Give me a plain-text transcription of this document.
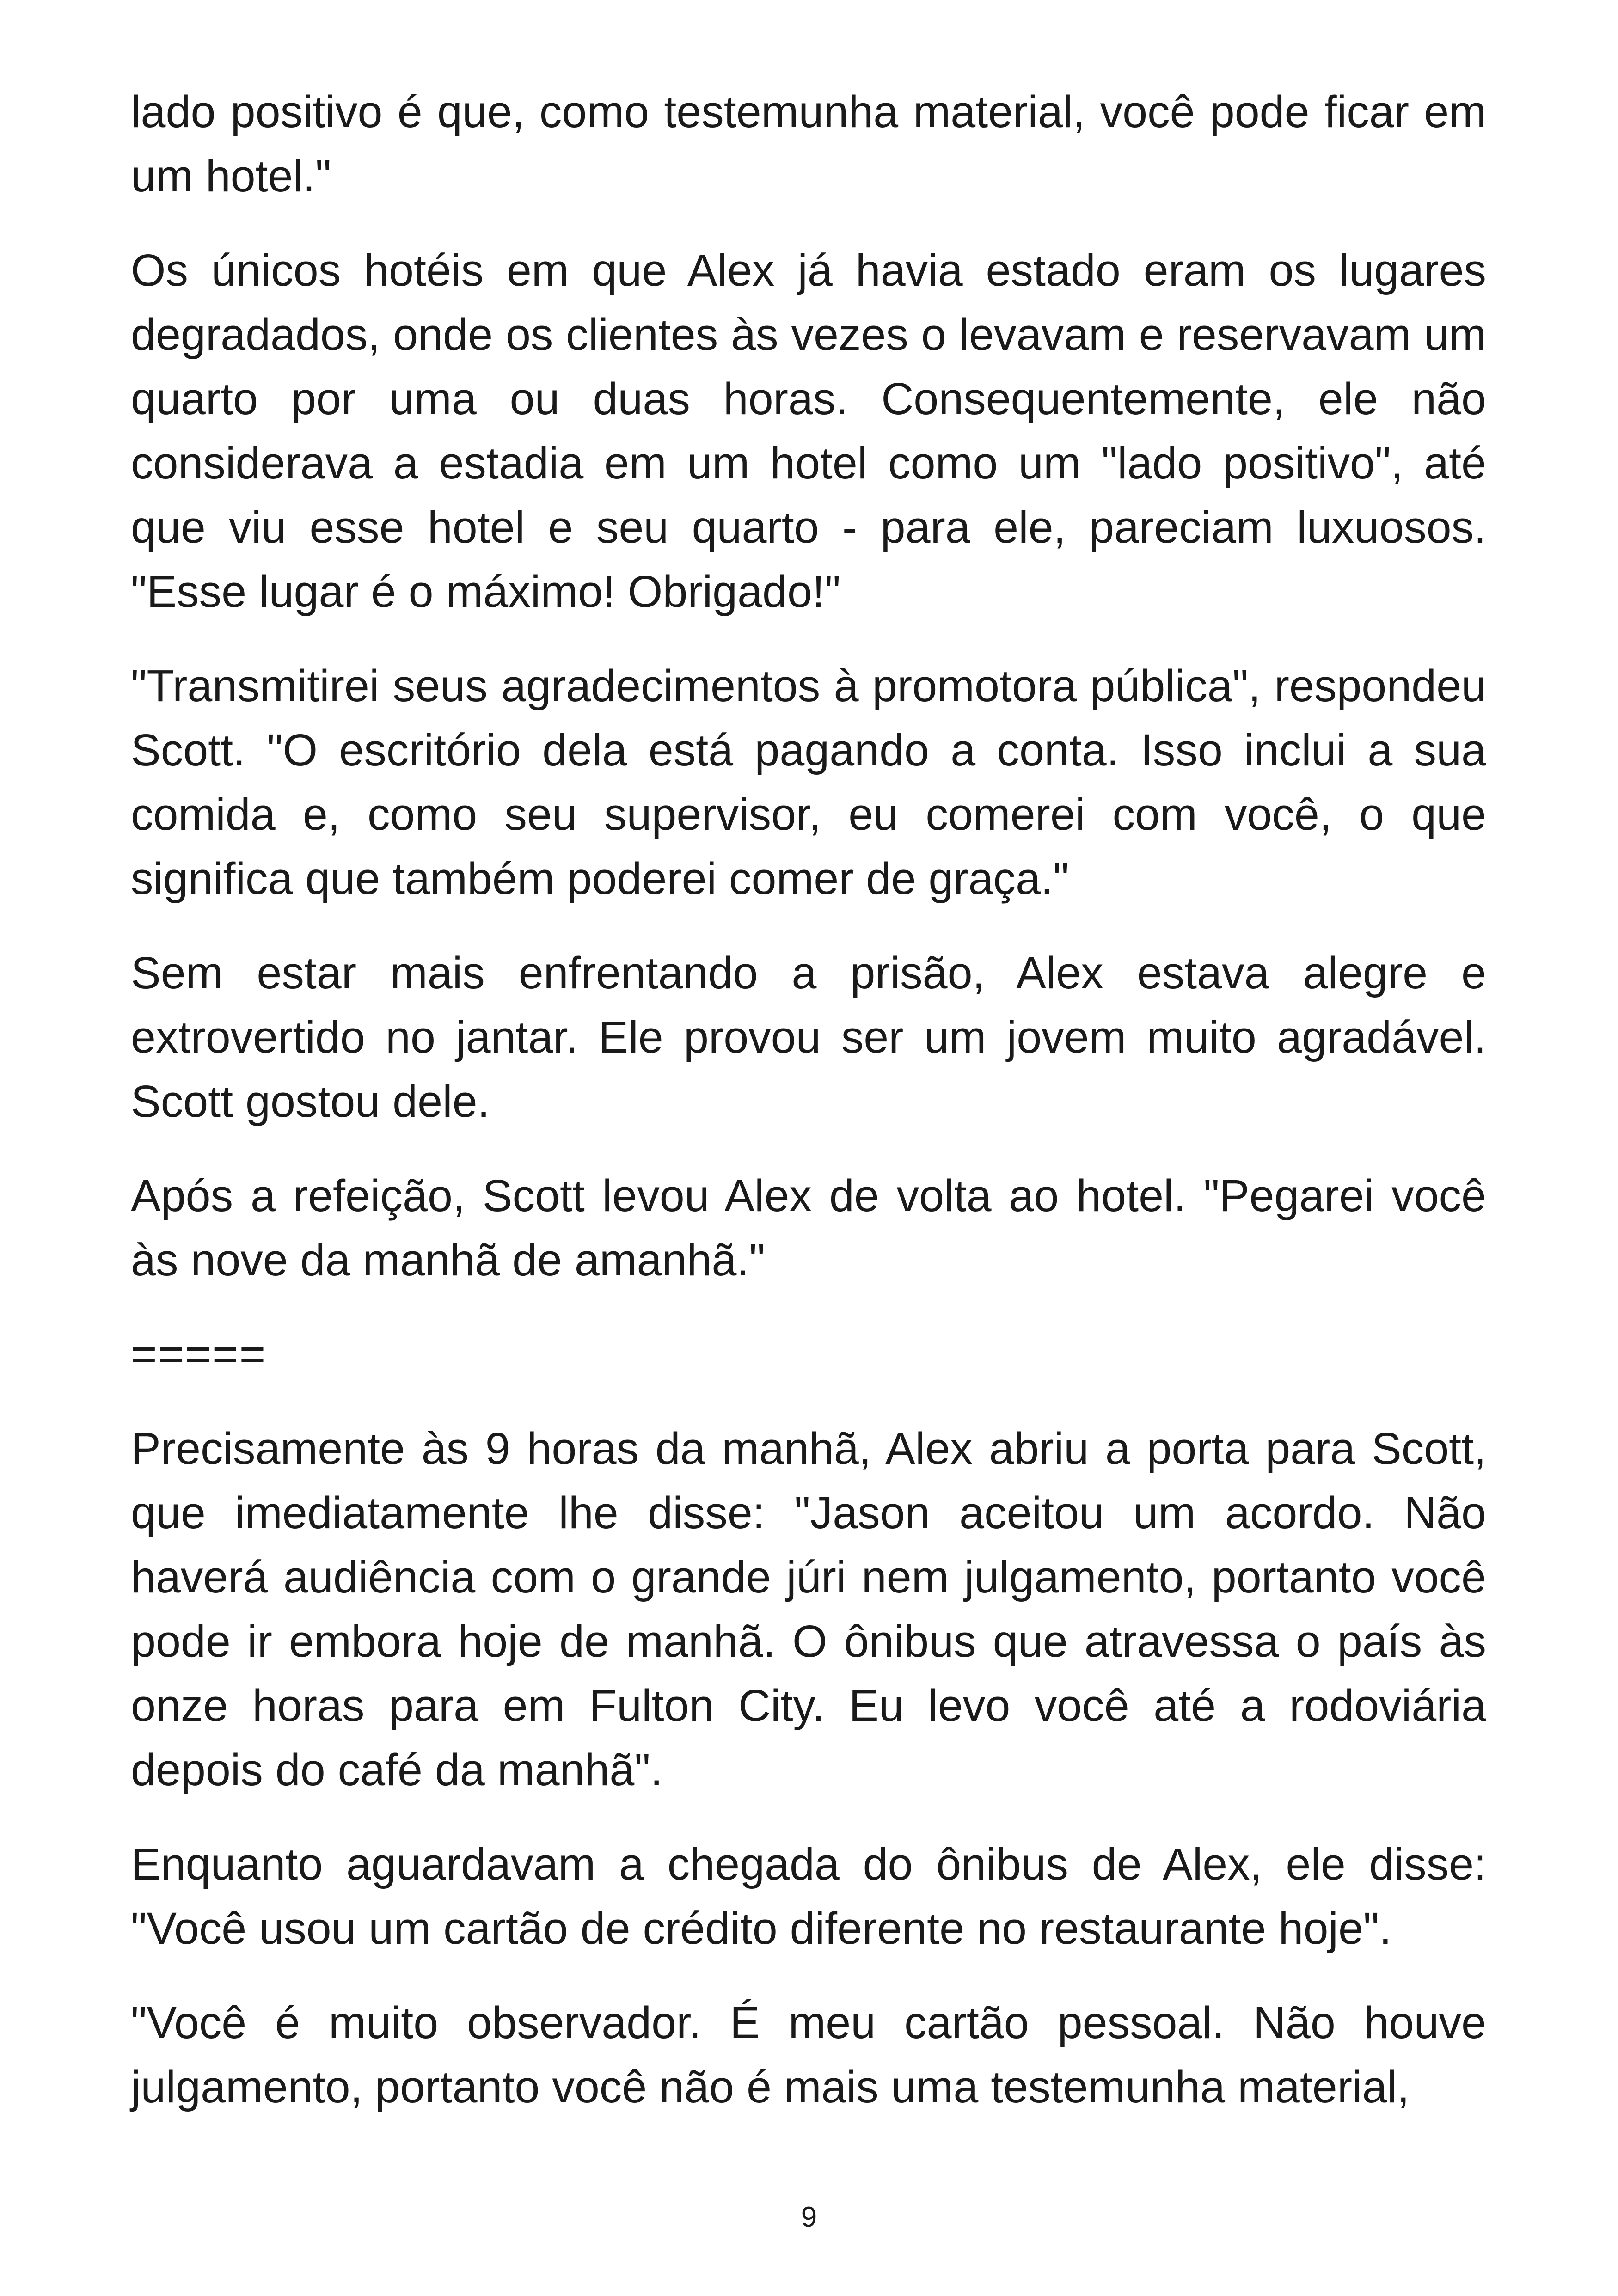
lado positivo é que, como testemunha material, você pode ficar em um hotel."

Os únicos hotéis em que Alex já havia estado eram os lugares degradados, onde os clientes às vezes o levavam e reservavam um quarto por uma ou duas horas. Consequentemente, ele não considerava a estadia em um hotel como um "lado positivo", até que viu esse hotel e seu quarto - para ele, pareciam luxuosos. "Esse lugar é o máximo! Obrigado!"

"Transmitirei seus agradecimentos à promotora pública", respondeu Scott. "O escritório dela está pagando a conta. Isso inclui a sua comida e, como seu supervisor, eu comerei com você, o que significa que também poderei comer de graça."

Sem estar mais enfrentando a prisão, Alex estava alegre e extrovertido no jantar. Ele provou ser um jovem muito agradável. Scott gostou dele.

Após a refeição, Scott levou Alex de volta ao hotel. "Pegarei você às nove da manhã de amanhã."

=====

Precisamente às 9 horas da manhã, Alex abriu a porta para Scott, que imediatamente lhe disse: "Jason aceitou um acordo. Não haverá audiência com o grande júri nem julgamento, portanto você pode ir embora hoje de manhã. O ônibus que atravessa o país às onze horas para em Fulton City. Eu levo você até a rodoviária depois do café da manhã".

Enquanto aguardavam a chegada do ônibus de Alex, ele disse: "Você usou um cartão de crédito diferente no restaurante hoje".

"Você é muito observador. É meu cartão pessoal. Não houve julgamento, portanto você não é mais uma testemunha material,

9
